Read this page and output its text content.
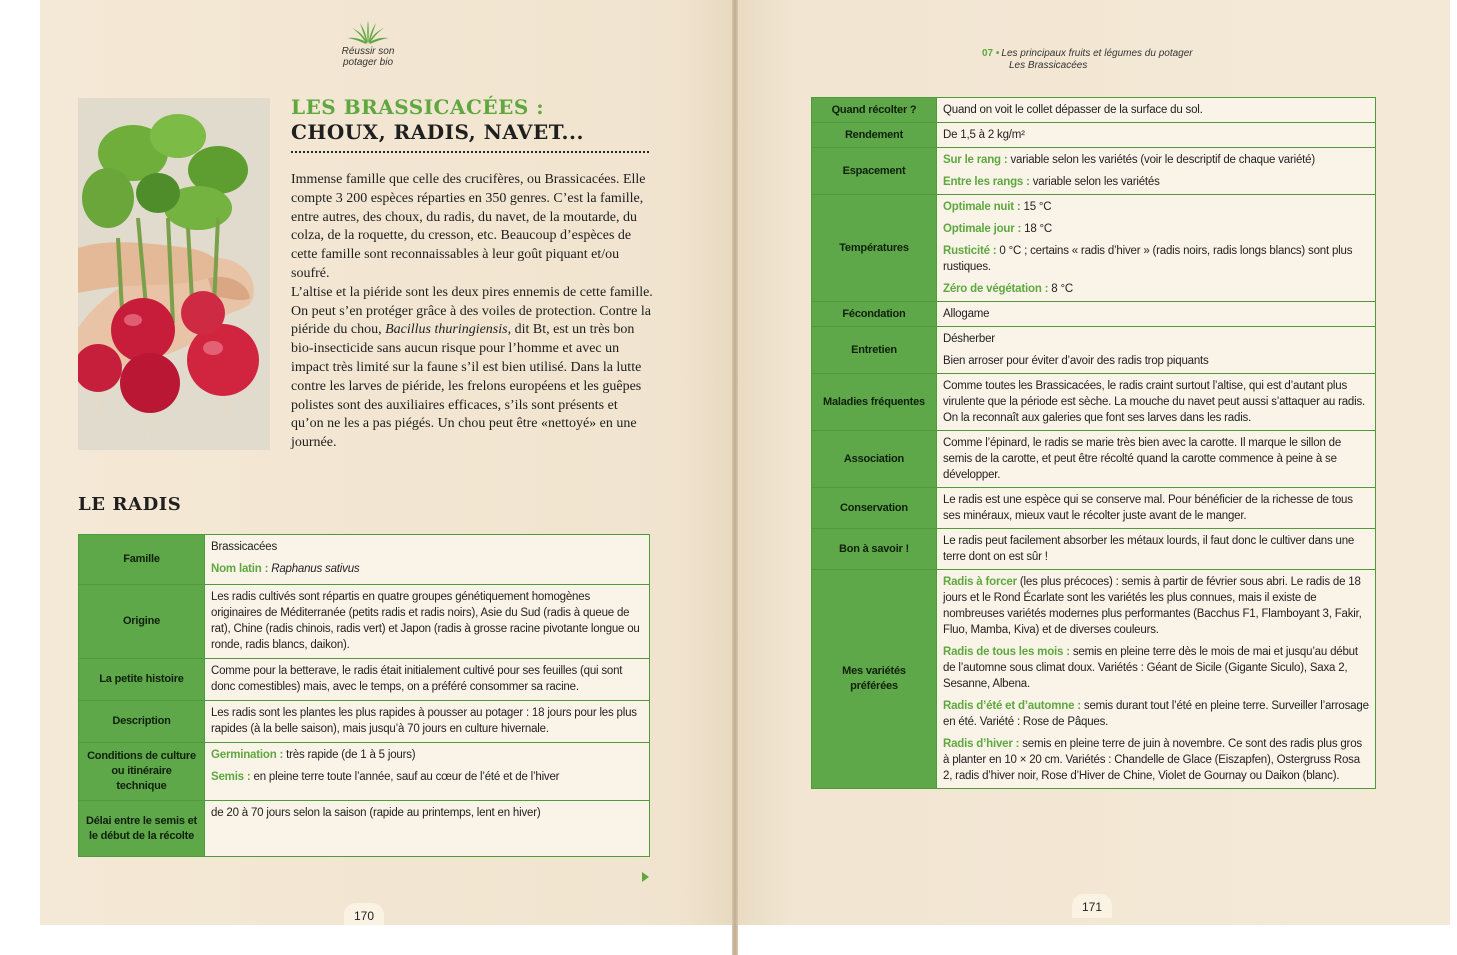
Réussir son
potager bio
LES BRASSICACÉES :
CHOUX, RADIS, NAVET...

Immense famille que celle des crucifères, ou Brassicacées. Elle compte 3 200 espèces réparties en 350 genres. C’est la famille, entre autres, des choux, du radis, du navet, de la moutarde, du colza, de la roquette, du cresson, etc. Beaucoup d’espèces de cette famille sont reconnaissables à leur goût piquant et/ou soufré.

L’altise et la piéride sont les deux pires ennemis de cette famille. On peut s’en protéger grâce à des voiles de protection. Contre la piéride du chou, Bacillus thuringiensis, dit Bt, est un très bon bio-insecticide sans aucun risque pour l’homme et avec un impact très limité sur la faune s’il est bien utilisé. Dans la lutte contre les larves de piéride, les frelons européens et les guêpes polistes sont des auxiliaires efficaces, s’ils sont présents et qu’on ne les a pas piégés. Un chou peut être «nettoyé» en une journée.

LE RADIS
Famille	Brassicacées
Nom latin : Raphanus sativus

Origine	Les radis cultivés sont répartis en quatre groupes génétiquement homogènes originaires de Méditerranée (petits radis et radis noirs), Asie du Sud (radis à queue de rat), Chine (radis chinois, radis vert) et Japon (radis à grosse racine pivotante longue ou ronde, radis blancs, daikon).
La petite histoire	Comme pour la betterave, le radis était initialement cultivé pour ses feuilles (qui sont donc comestibles) mais, avec le temps, on a préféré consommer sa racine.
Description	Les radis sont les plantes les plus rapides à pousser au potager : 18 jours pour les plus rapides (à la belle saison), mais jusqu’à 70 jours en culture hivernale.
Conditions de culture ou itinéraire technique	Germination : très rapide (de 1 à 5 jours)
Semis : en pleine terre toute l’année, sauf au cœur de l’été et de l’hiver

Délai entre le semis et le début de la récolte	de 20 à 70 jours selon la saison (rapide au printemps, lent en hiver)
170
07 • Les principaux fruits et légumes du potager
Les Brassicacées
Quand récolter ?	Quand on voit le collet dépasser de la surface du sol.
Rendement	De 1,5 à 2 kg/m²
Espacement	Sur le rang : variable selon les variétés (voir le descriptif de chaque variété)
Entre les rangs : variable selon les variétés

Températures	Optimale nuit : 15 °C
Optimale jour : 18 °C
Rusticité : 0 °C ; certains « radis d’hiver » (radis noirs, radis longs blancs) sont plus rustiques.
Zéro de végétation : 8 °C

Fécondation	Allogame
Entretien	Désherber
Bien arroser pour éviter d’avoir des radis trop piquants

Maladies fréquentes	Comme toutes les Brassicacées, le radis craint surtout l’altise, qui est d’autant plus virulente que la période est sèche. La mouche du navet peut aussi s’attaquer au radis. On la reconnaît aux galeries que font ses larves dans les radis.
Association	Comme l’épinard, le radis se marie très bien avec la carotte. Il marque le sillon de semis de la carotte, et peut être récolté quand la carotte commence à peine à se développer.
Conservation	Le radis est une espèce qui se conserve mal. Pour bénéficier de la richesse de tous ses minéraux, mieux vaut le récolter juste avant de le manger.
Bon à savoir !	Le radis peut facilement absorber les métaux lourds, il faut donc le cultiver dans une terre dont on est sûr !
Mes variétés préférées	Radis à forcer (les plus précoces) : semis à partir de février sous abri. Le radis de 18 jours et le Rond Écarlate sont les variétés les plus connues, mais il existe de nombreuses variétés modernes plus performantes (Bacchus F1, Flamboyant 3, Fakir, Fluo, Mamba, Kiva) et de diverses couleurs.
Radis de tous les mois : semis en pleine terre dès le mois de mai et jusqu’au début de l’automne sous climat doux. Variétés : Géant de Sicile (Gigante Siculo), Saxa 2, Sesanne, Albena.
Radis d’été et d’automne : semis durant tout l’été en pleine terre. Surveiller l’arrosage en été. Variété : Rose de Pâques.
Radis d’hiver : semis en pleine terre de juin à novembre. Ce sont des radis plus gros à planter en 10 × 20 cm. Variétés : Chandelle de Glace (Eiszapfen), Ostergruss Rosa 2, radis d’hiver noir, Rose d’Hiver de Chine, Violet de Gournay ou Daikon (blanc).
171
